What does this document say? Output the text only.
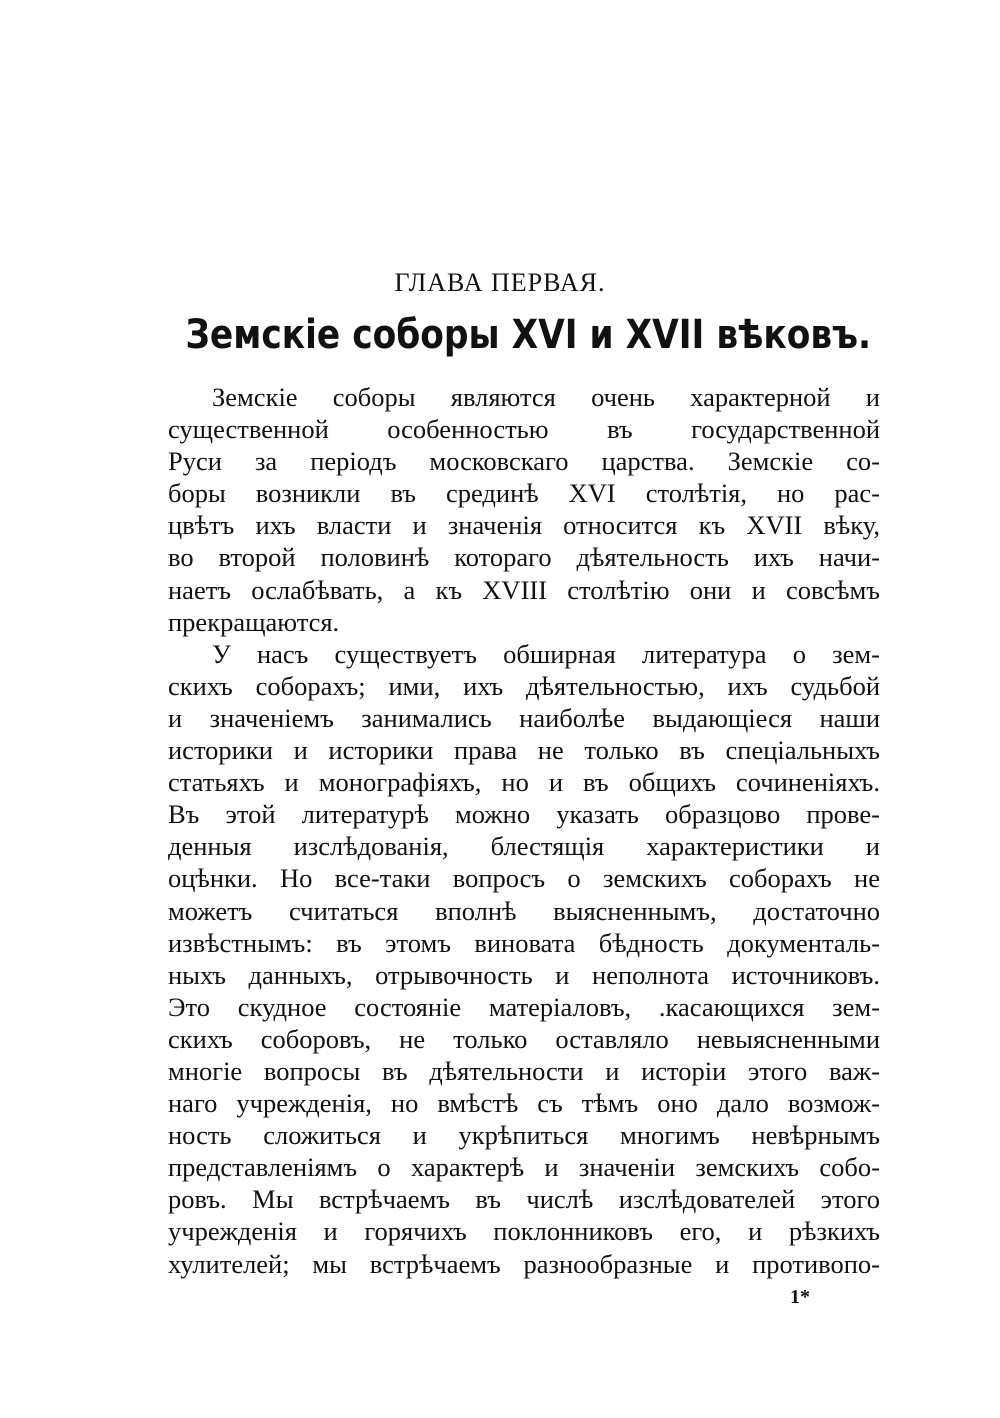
ГЛАВА ПЕРВАЯ.
Земскiе соборы XVI и XVII вѣковъ.
Земскiе соборы являются очень характерной и
существенной особенностью въ государственной
Руси за перiодъ московскаго царства. Земскiе со-
боры возникли въ срединѣ XVI столѣтiя, но рас-
цвѣтъ ихъ власти и значенiя относится къ XVII вѣку,
во второй половинѣ котораго дѣятельность ихъ начи-
наетъ ослабѣвать, а къ XVIII столѣтiю они и совсѣмъ
прекращаются.
У насъ существуетъ обширная литература о зем-
скихъ соборахъ; ими, ихъ дѣятельностью, ихъ судьбой
и значенiемъ занимались наиболѣе выдающiеся наши
историки и историки права не только въ спецiальныхъ
статьяхъ и монографiяхъ, но и въ общихъ сочиненiяхъ.
Въ этой литературѣ можно указать образцово прове-
денныя изслѣдованiя, блестящiя характеристики и
оцѣнки. Но все-таки вопросъ о земскихъ соборахъ не
можетъ считаться вполнѣ выясненнымъ, достаточно
извѣстнымъ: въ этомъ виновата бѣдность документаль-
ныхъ данныхъ, отрывочность и неполнота источниковъ.
Это скудное состоянiе матерiаловъ, .касающихся зем-
скихъ соборовъ, не только оставляло невыясненными
многiе вопросы въ дѣятельности и исторiи этого важ-
наго учрежденiя, но вмѣстѣ съ тѣмъ оно дало возмож-
ность сложиться и укрѣпиться многимъ невѣрнымъ
представленiямъ о характерѣ и значенiи земскихъ собо-
ровъ. Мы встрѣчаемъ въ числѣ изслѣдователей этого
учрежденiя и горячихъ поклонниковъ его, и рѣзкихъ
хулителей; мы встрѣчаемъ разнообразные и противопо-
1*
